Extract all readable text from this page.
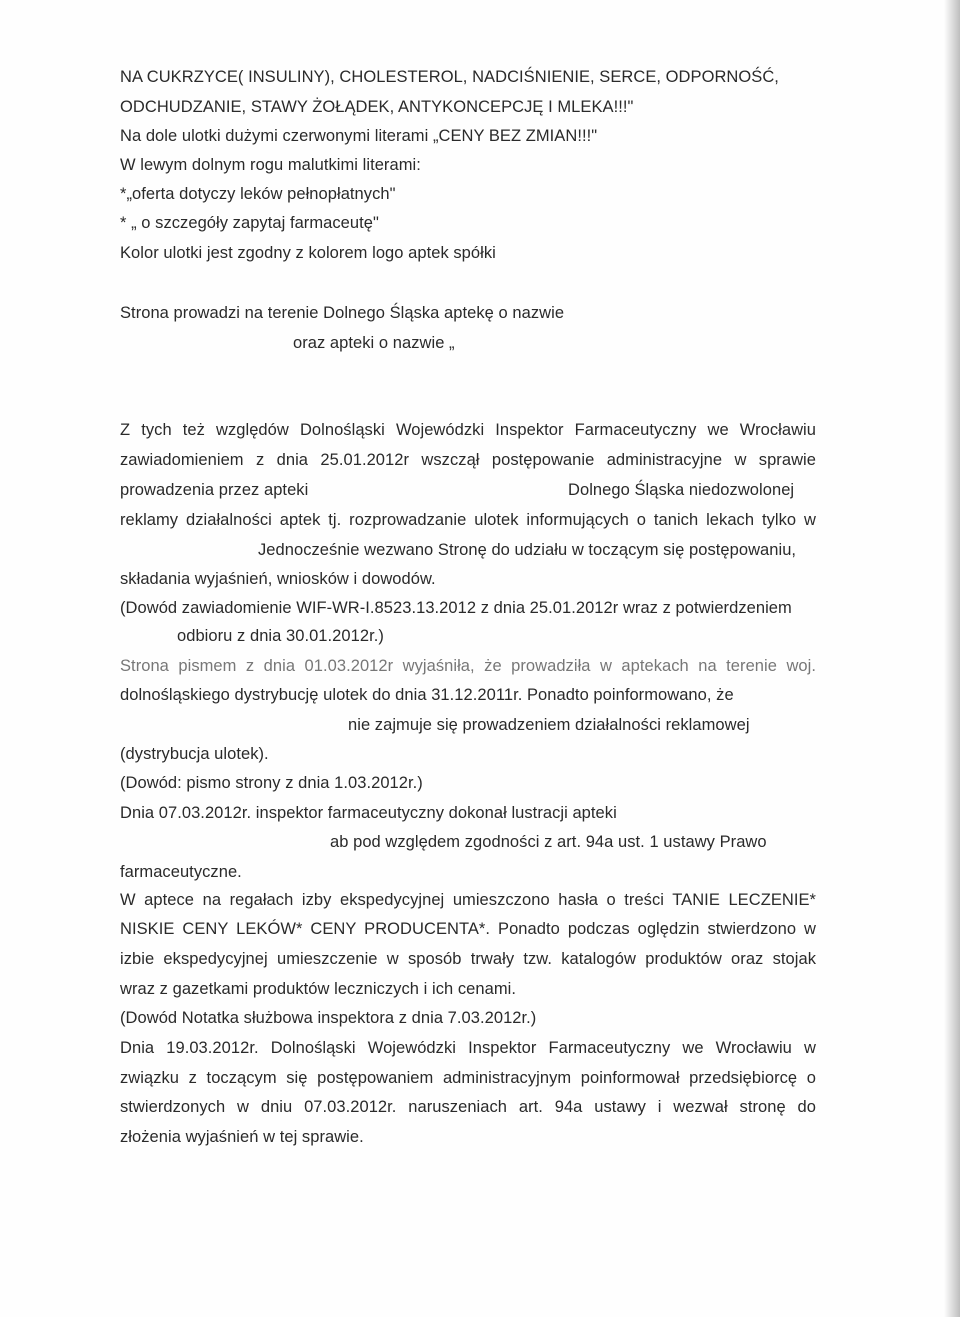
NA CUKRZYCE( INSULINY), CHOLESTEROL, NADCIŚNIENIE, SERCE, ODPORNOŚĆ,
ODCHUDZANIE, STAWY ŻOŁĄDEK, ANTYKONCEPCJĘ I MLEKA!!!"
Na dole ulotki dużymi czerwonymi literami „CENY BEZ ZMIAN!!!"
W lewym dolnym rogu malutkimi literami:
*„oferta dotyczy leków pełnopłatnych"
* „ o szczegóły zapytaj farmaceutę"
Kolor ulotki jest zgodny z kolorem logo aptek spółki
Strona prowadzi na terenie Dolnego Śląska aptekę o nazwie
oraz apteki o nazwie „
Z tych też względów Dolnośląski Wojewódzki Inspektor Farmaceutyczny we Wrocławiu
zawiadomieniem z dnia 25.01.2012r wszczął postępowanie administracyjne w sprawie
prowadzenia przez apteki	Dolnego Śląska niedozwolonej
reklamy działalności aptek tj. rozprowadzanie ulotek informujących o tanich lekach tylko w
Jednocześnie wezwano Stronę do udziału w toczącym się postępowaniu,
składania wyjaśnień, wniosków i dowodów.
(Dowód zawiadomienie WIF-WR-I.8523.13.2012 z dnia 25.01.2012r wraz z potwierdzeniem
odbioru z dnia 30.01.2012r.)
Strona pismem z dnia 01.03.2012r wyjaśniła, że prowadziła w aptekach na terenie woj.
dolnośląskiego dystrybucję ulotek do dnia 31.12.2011r. Ponadto poinformowano, że
nie zajmuje się prowadzeniem działalności reklamowej
(dystrybucja ulotek).
(Dowód: pismo strony z dnia 1.03.2012r.)
Dnia 07.03.2012r. inspektor farmaceutyczny dokonał lustracji apteki
ab pod względem zgodności z art. 94a ust. 1 ustawy Prawo
farmaceutyczne.
W aptece na regałach izby ekspedycyjnej umieszczono hasła o treści TANIE LECZENIE*
NISKIE CENY LEKÓW* CENY PRODUCENTA*. Ponadto podczas oględzin stwierdzono w
izbie ekspedycyjnej umieszczenie w sposób trwały tzw. katalogów produktów oraz stojak
wraz z gazetkami produktów leczniczych i ich cenami.
(Dowód Notatka służbowa inspektora z dnia 7.03.2012r.)
Dnia 19.03.2012r. Dolnośląski Wojewódzki Inspektor Farmaceutyczny we Wrocławiu w
związku z toczącym się postępowaniem administracyjnym poinformował przedsiębiorcę o
stwierdzonych w dniu 07.03.2012r. naruszeniach art. 94a ustawy i wezwał stronę do
złożenia wyjaśnień w tej sprawie.
